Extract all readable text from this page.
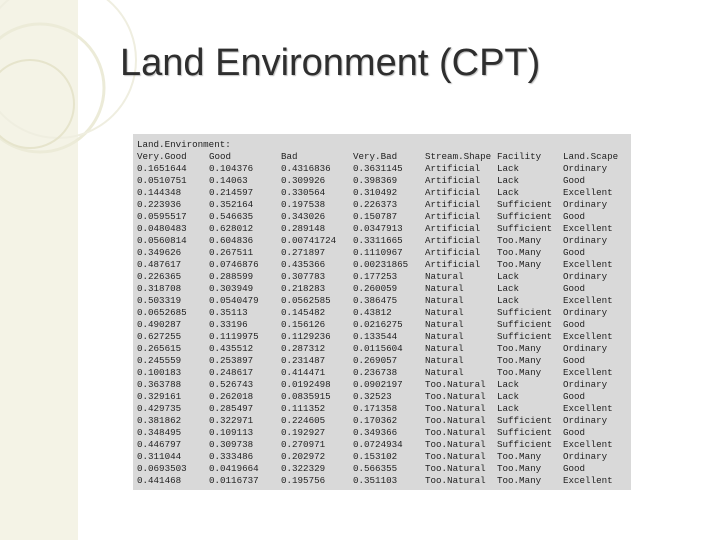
Land Environment (CPT)
Land.Environment:
Very.Good Good	Bad	Very.Bad	Stream.Shape Facility Land.Scape
0.1651644 0.104376	0.4316836 0.3631145 Artificial Lack	Ordinary
0.0510751 0.14063	0.309926	0.398369	Artificial Lack	Good
0.144348	0.214597	0.330564	0.310492	Artificial Lack	Excellent
0.223936	0.352164	0.197538	0.226373	Artificial Sufficient Ordinary
0.0595517 0.546635	0.343026	0.150787	Artificial Sufficient Good
0.0480483 0.628012	0.289148	0.0347913 Artificial Sufficient Excellent
0.0560814 0.604836	0.00741724 0.3311665 Artificial Too.Many Ordinary
0.349626	0.267511	0.271897	0.1110967 Artificial Too.Many Good
0.487617	0.0746876 0.435366	0.00231865 Artificial Too.Many Excellent
0.226365	0.288599	0.307783	0.177253	Natural	Lack	Ordinary
0.318708	0.303949	0.218283	0.260059	Natural	Lack	Good
0.503319	0.0540479 0.0562585 0.386475	Natural	Lack	Excellent
0.0652685 0.35113	0.145482	0.43812	Natural	Sufficient Ordinary
0.490287	0.33196	0.156126	0.0216275 Natural	Sufficient Good
0.627255	0.1119975 0.1129236 0.133544	Natural	Sufficient Excellent
0.265615	0.435512	0.287312	0.0115604 Natural	Too.Many Ordinary
0.245559	0.253897	0.231487	0.269057	Natural	Too.Many Good
0.100183	0.248617	0.414471	0.236738	Natural	Too.Many Excellent
0.363788	0.526743	0.0192498 0.0902197 Too.Natural Lack	Ordinary
0.329161	0.262018	0.0835915 0.32523	Too.Natural Lack	Good
0.429735	0.285497	0.111352	0.171358	Too.Natural Lack	Excellent
0.381862	0.322971	0.224605	0.170362	Too.Natural Sufficient Ordinary
0.348495	0.109113	0.192927	0.349366	Too.Natural Sufficient Good
0.446797	0.309738	0.270971	0.0724934 Too.Natural Sufficient Excellent
0.311044	0.333486	0.202972	0.153102	Too.Natural Too.Many Ordinary
0.0693503 0.0419664 0.322329	0.566355	Too.Natural Too.Many Good
0.441468	0.0116737 0.195756	0.351103	Too.Natural Too.Many Excellent
